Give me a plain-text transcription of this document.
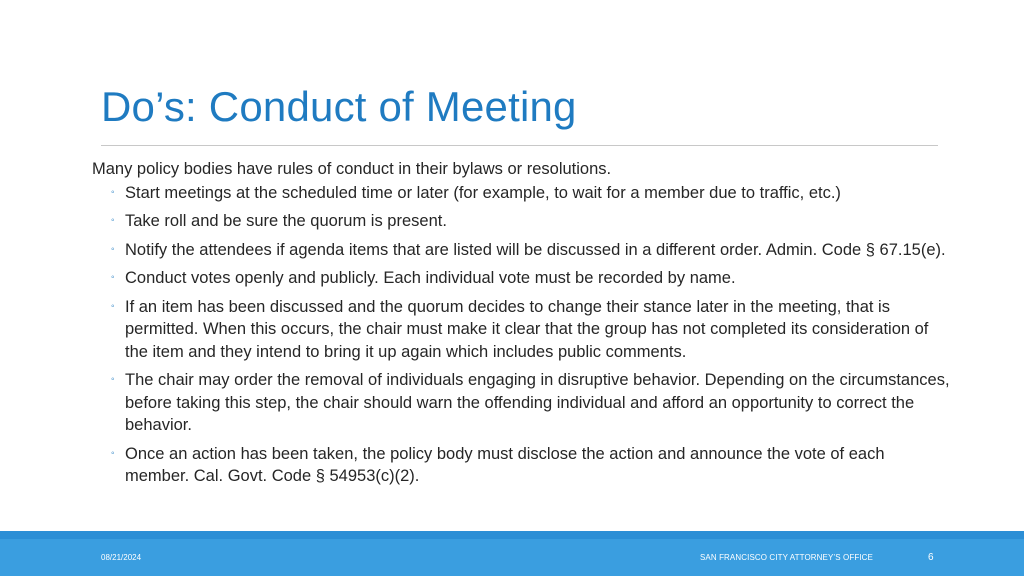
Do’s: Conduct of Meeting

Many policy bodies have rules of conduct in their bylaws or resolutions.

◦ Start meetings at the scheduled time or later (for example, to wait for a member due to traffic, etc.)
◦ Take roll and be sure the quorum is present.
◦ Notify the attendees if agenda items that are listed will be discussed in a different order. Admin. Code § 67.15(e).
◦ Conduct votes openly and publicly. Each individual vote must be recorded by name.
◦ If an item has been discussed and the quorum decides to change their stance later in the meeting, that is permitted. When this occurs, the chair must make it clear that the group has not completed its consideration of the item and they intend to bring it up again which includes public comments.
◦ The chair may order the removal of individuals engaging in disruptive behavior. Depending on the circumstances, before taking this step, the chair should warn the offending individual and afford an opportunity to correct the behavior.
◦ Once an action has been taken, the policy body must disclose the action and announce the vote of each member. Cal. Govt. Code § 54953(c)(2).
08/21/2024	SAN FRANCISCO CITY ATTORNEY’S OFFICE	6
